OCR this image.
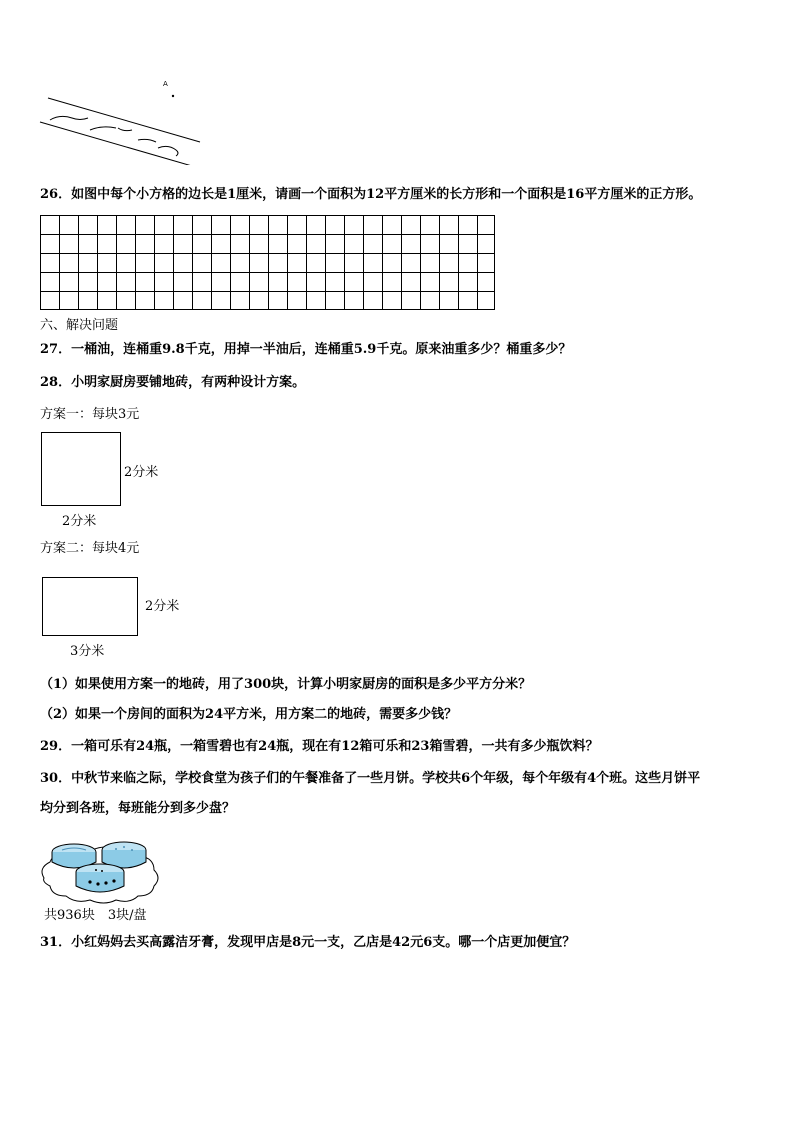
A
26．如图中每个小方格的边长是1厘米，请画一个面积为12平方厘米的长方形和一个面积是16平方厘米的正方形。
六、解决问题
27．一桶油，连桶重9.8千克，用掉一半油后，连桶重5.9千克。原来油重多少？桶重多少？
28．小明家厨房要铺地砖，有两种设计方案。
方案一：每块3元
2分米
2分米
方案二：每块4元
2分米
3分米
（1）如果使用方案一的地砖，用了300块，计算小明家厨房的面积是多少平方分米？
（2）如果一个房间的面积为24平方米，用方案二的地砖，需要多少钱？
29．一箱可乐有24瓶，一箱雪碧也有24瓶，现在有12箱可乐和23箱雪碧，一共有多少瓶饮料？
30．中秋节来临之际，学校食堂为孩子们的午餐准备了一些月饼。学校共6个年级，每个年级有4个班。这些月饼平
均分到各班，每班能分到多少盘？
共936块　3块/盘
31．小红妈妈去买高露洁牙膏，发现甲店是8元一支，乙店是42元6支。哪一个店更加便宜？
